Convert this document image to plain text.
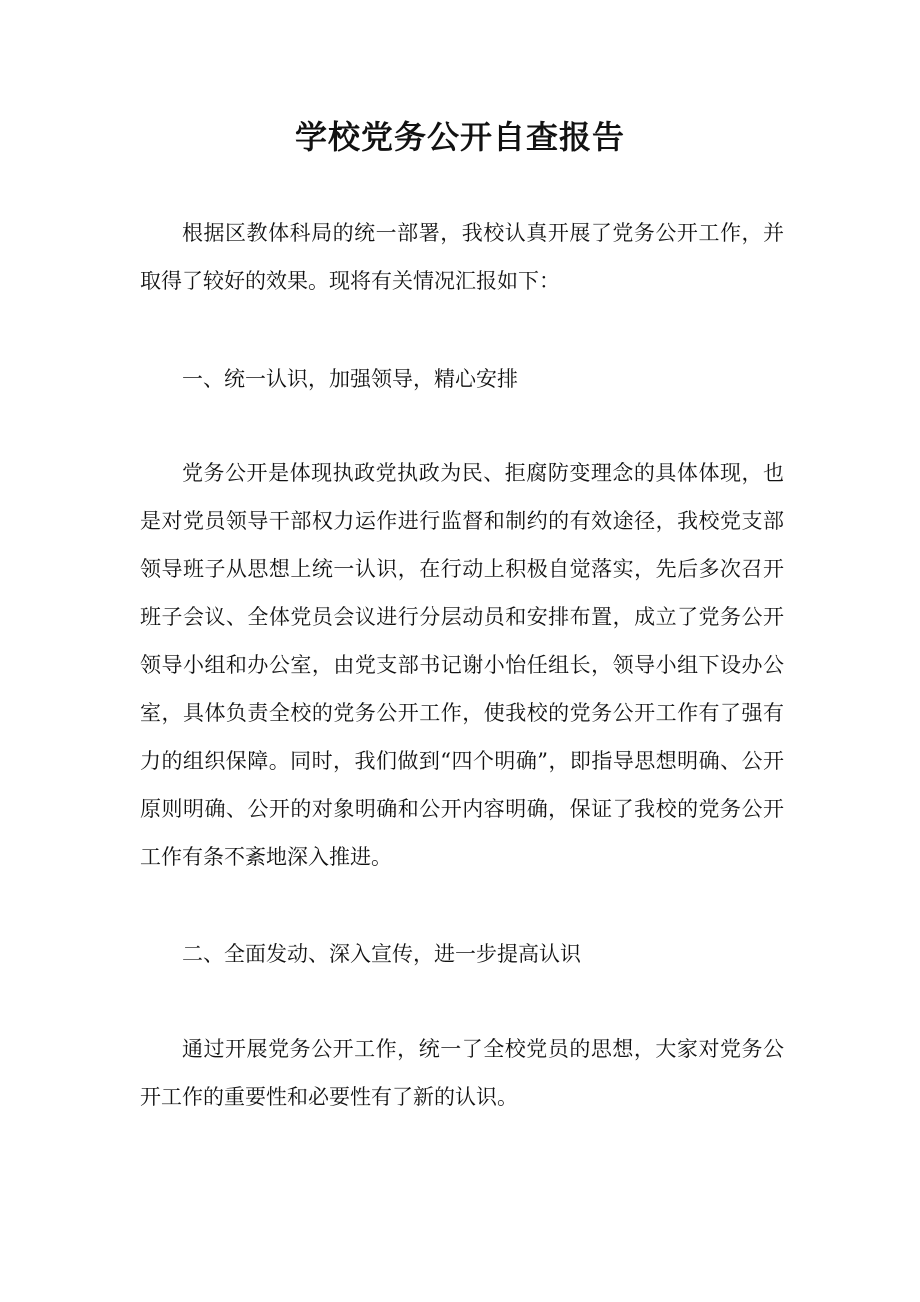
学校党务公开自查报告

根据区教体科局的统一部署，我校认真开展了党务公开工作，并取得了较好的效果。现将有关情况汇报如下：

一、统一认识，加强领导，精心安排

党务公开是体现执政党执政为民、拒腐防变理念的具体体现，也是对党员领导干部权力运作进行监督和制约的有效途径，我校党支部领导班子从思想上统一认识，在行动上积极自觉落实，先后多次召开班子会议、全体党员会议进行分层动员和安排布置，成立了党务公开领导小组和办公室，由党支部书记谢小怡任组长，领导小组下设办公室，具体负责全校的党务公开工作，使我校的党务公开工作有了强有力的组织保障。同时，我们做到“四个明确”，即指导思想明确、公开原则明确、公开的对象明确和公开内容明确，保证了我校的党务公开工作有条不紊地深入推进。

二、全面发动、深入宣传，进一步提高认识

通过开展党务公开工作，统一了全校党员的思想，大家对党务公开工作的重要性和必要性有了新的认识。
